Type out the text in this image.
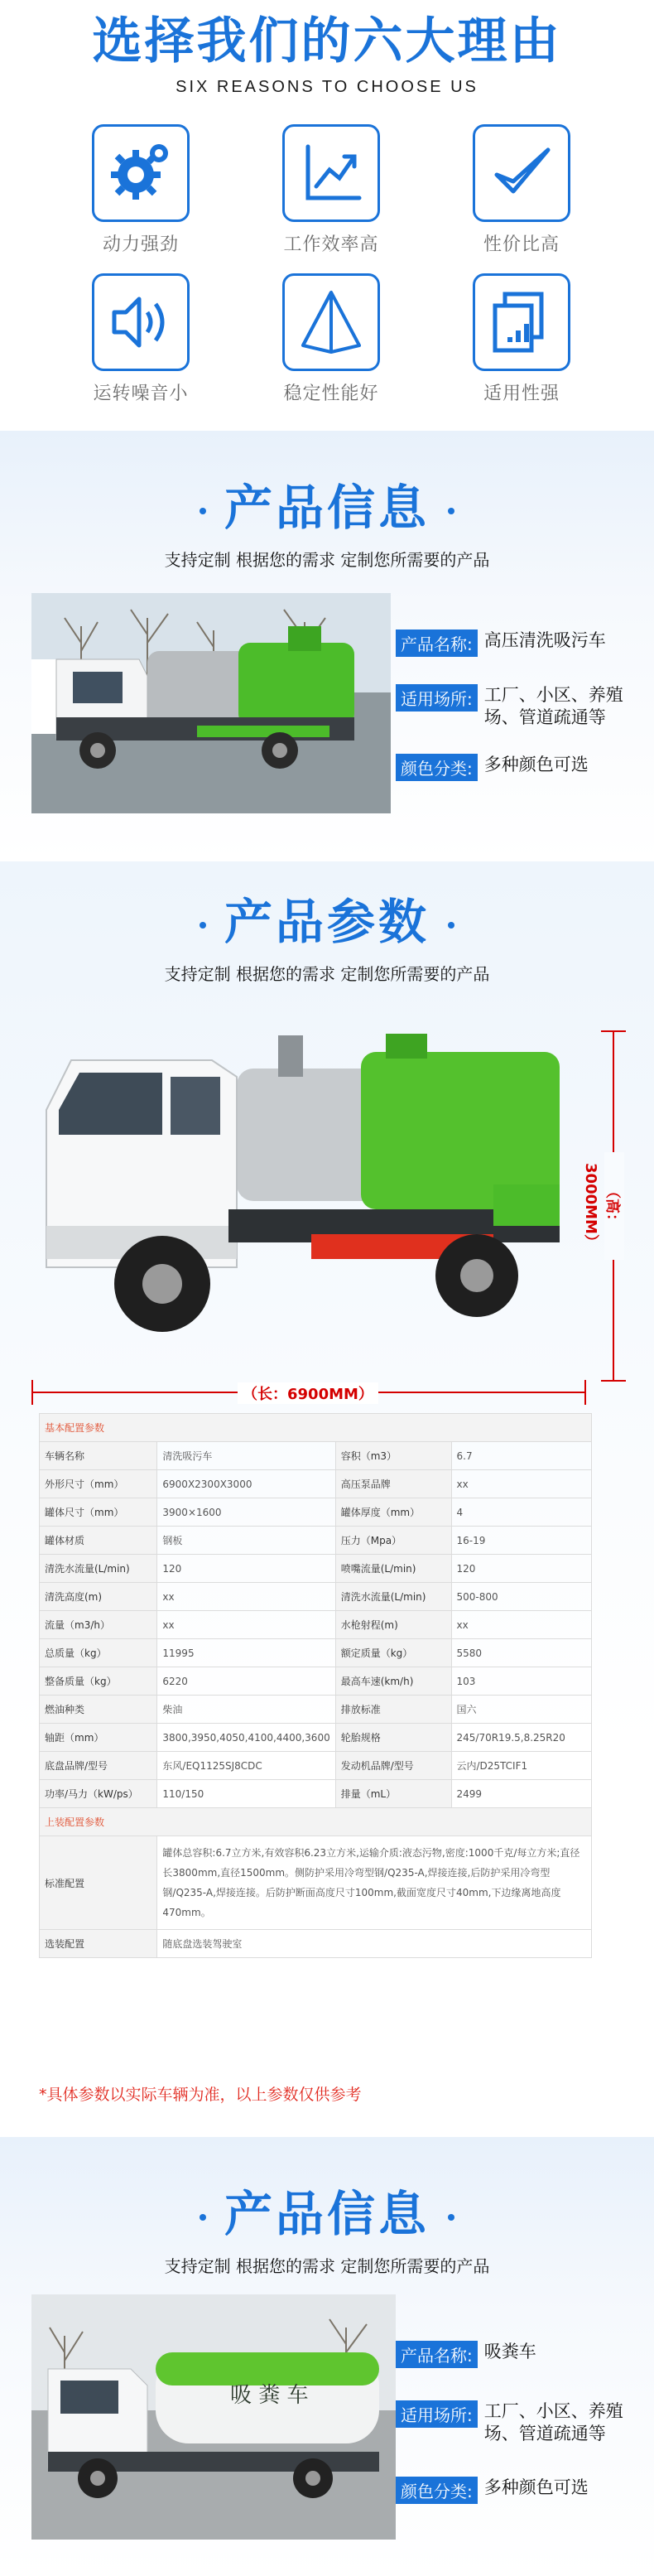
选择我们的六大理由
SIX REASONS TO CHOOSE US
动力强劲	工作效率高	性价比高
运转噪音小	稳定性能好	适用性强
产品信息
支持定制 根据您的需求 定制您所需要的产品
产品名称: 高压清洗吸污车
适用场所: 工厂、小区、养殖场、管道疏通等
颜色分类: 多种颜色可选
产品参数
支持定制 根据您的需求 定制您所需要的产品
（高：3000MM）
（长：6900MM）
基本配置参数			
车辆名称	清洗吸污车	容积（m3）	6.7
外形尺寸（mm）	6900X2300X3000	高压泵品牌	xx
罐体尺寸（mm）	3900×1600	罐体厚度（mm）	4
罐体材质	钢板	压力（Mpa）	16-19
清洗水流量(L/min)	120	喷嘴流量(L/min)	120
清洗高度(m)	xx	清洗水流量(L/min)	500-800
流量（m3/h）	xx	水枪射程(m)	xx
总质量（kg）	11995	额定质量（kg）	5580
整备质量（kg）	6220	最高车速(km/h)	103
燃油种类	柴油	排放标准	国六
轴距（mm）	3800,3950,4050,4100,4400,3600	轮胎规格	245/70R19.5,8.25R20
底盘品牌/型号	东风/EQ1125SJ8CDC	发动机品牌/型号	云内/D25TCIF1
功率/马力（kW/ps）	110/150	排量（mL）	2499
上装配置参数			
标准配置	罐体总容积:6.7立方米,有效容积6.23立方米,运输介质:液态污物,密度:1000千克/每立方米;直径长3800mm,直径1500mm。侧防护采用冷弯型钢/Q235-A,焊接连接,后防护采用冷弯型钢/Q235-A,焊接连接。后防护断面高度尺寸100mm,截面宽度尺寸40mm,下边缘离地高度470mm。		
选装配置	随底盘选装驾驶室		
*具体参数以实际车辆为准，以上参数仅供参考
产品信息
支持定制 根据您的需求 定制您所需要的产品
吸 粪 车
产品名称: 吸粪车
适用场所: 工厂、小区、养殖场、管道疏通等
颜色分类: 多种颜色可选
